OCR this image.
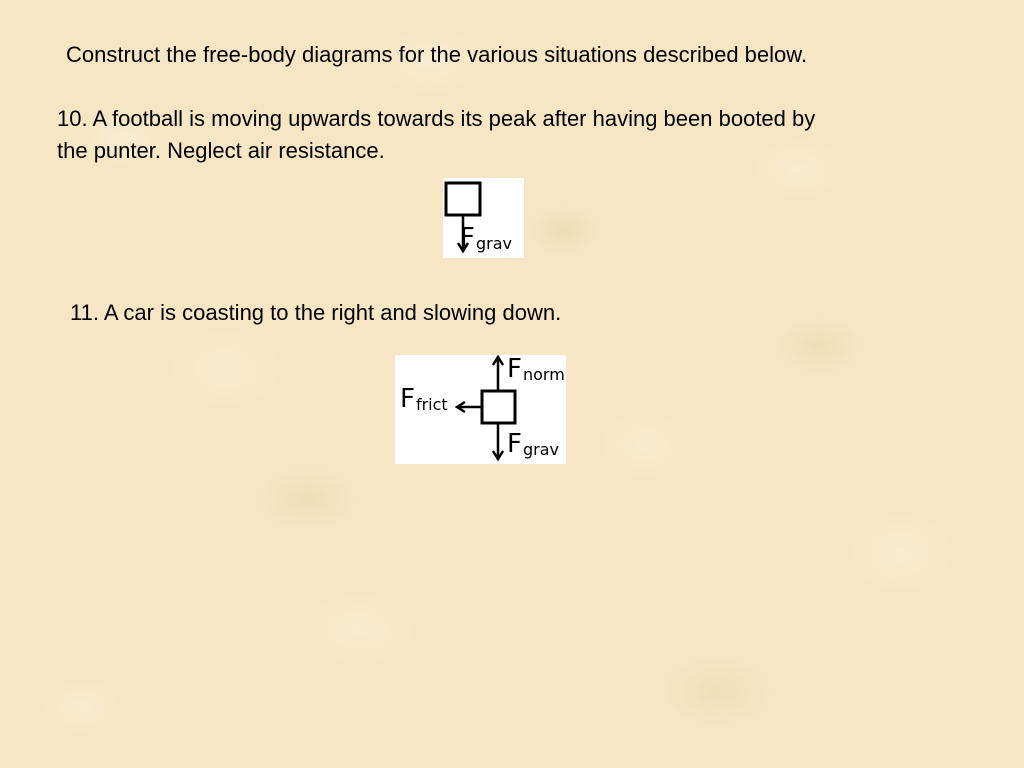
Construct the free-body diagrams for the various situations described below.

10. A football is moving upwards towards its peak after having been booted by

the punter. Neglect air resistance.

Fgrav

11. A car is coasting to the right and slowing down.

Fnorm
Ffrict
Fgrav
